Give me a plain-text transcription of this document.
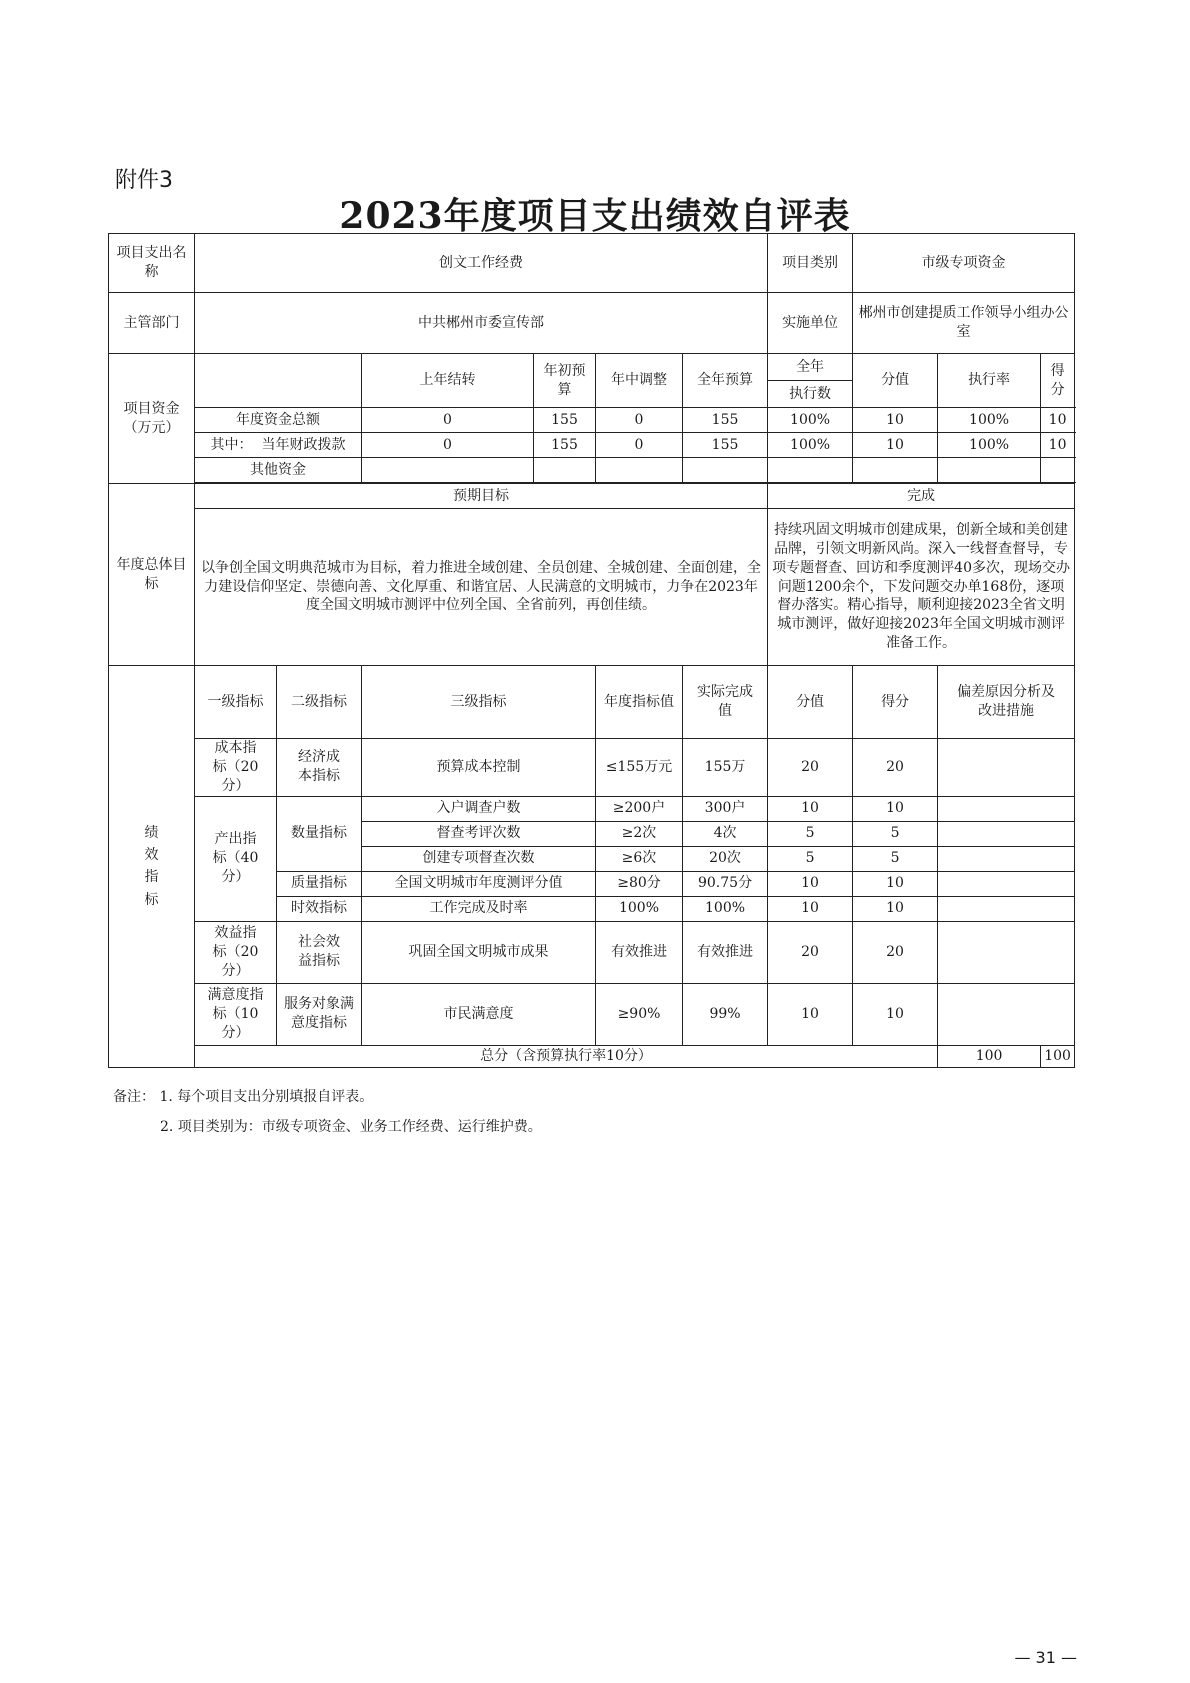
附件3
2023年度项目支出绩效自评表
项目支出名称	创文工作经费						项目类别	市级专项资金			
主管部门	中共郴州市委宣传部						实施单位	郴州市创建提质工作领导小组办公室			
项目资金（万元）			上年结转	年初预算	年中调整	全年预算	全年	分值	执行率	得分	
							执行数				
	年度资金总额		0	155	0	155	100%	10	100%	10	
	其中：  当年财政拨款		0	155	0	155	100%	10	100%	10	
	其他资金										

年度总体目标	预期目标						完成				
	以争创全国文明典范城市为目标，着力推进全域创建、全员创建、全城创建、全面创建，全力建设信仰坚定、崇德向善、文化厚重、和谐宜居、人民满意的文明城市，力争在2023年度全国文明城市测评中位列全国、全省前列，再创佳绩。						持续巩固文明城市创建成果，创新全域和美创建品牌，引领文明新风尚。深入一线督查督导，专项专题督查、回访和季度测评40多次，现场交办问题1200余个，下发问题交办单168份，逐项督办落实。精心指导，顺利迎接2023全省文明城市测评，做好迎接2023年全国文明城市测评准备工作。				

绩效指标	一级指标	二级指标	三级指标		年度指标值	实际完成值	分值	得分	偏差原因分析及改进措施		
	成本指标（20分）	经济成本指标	预算成本控制		≤155万元	155万	20	20			
	产出指标（40分）	数量指标	入户调查户数		≥200户	300户	10	10			
			督查考评次数		≥2次	4次	5	5			
			创建专项督查次数		≥6次	20次	5	5			
		质量指标	全国文明城市年度测评分值		≥80分	90.75分	10	10			
		时效指标	工作完成及时率		100%	100%	10	10			
	效益指标（20分）	社会效益指标	巩固全国文明城市成果		有效推进	有效推进	20	20			
	满意度指标（10分）	服务对象满意度指标	市民满意度		≥90%	99%	10	10			
	总分（含预算执行率10分）								100	100	
备注： 1. 每个项目支出分别填报自评表。
2. 项目类别为：市级专项资金、业务工作经费、运行维护费。
— 31 —
